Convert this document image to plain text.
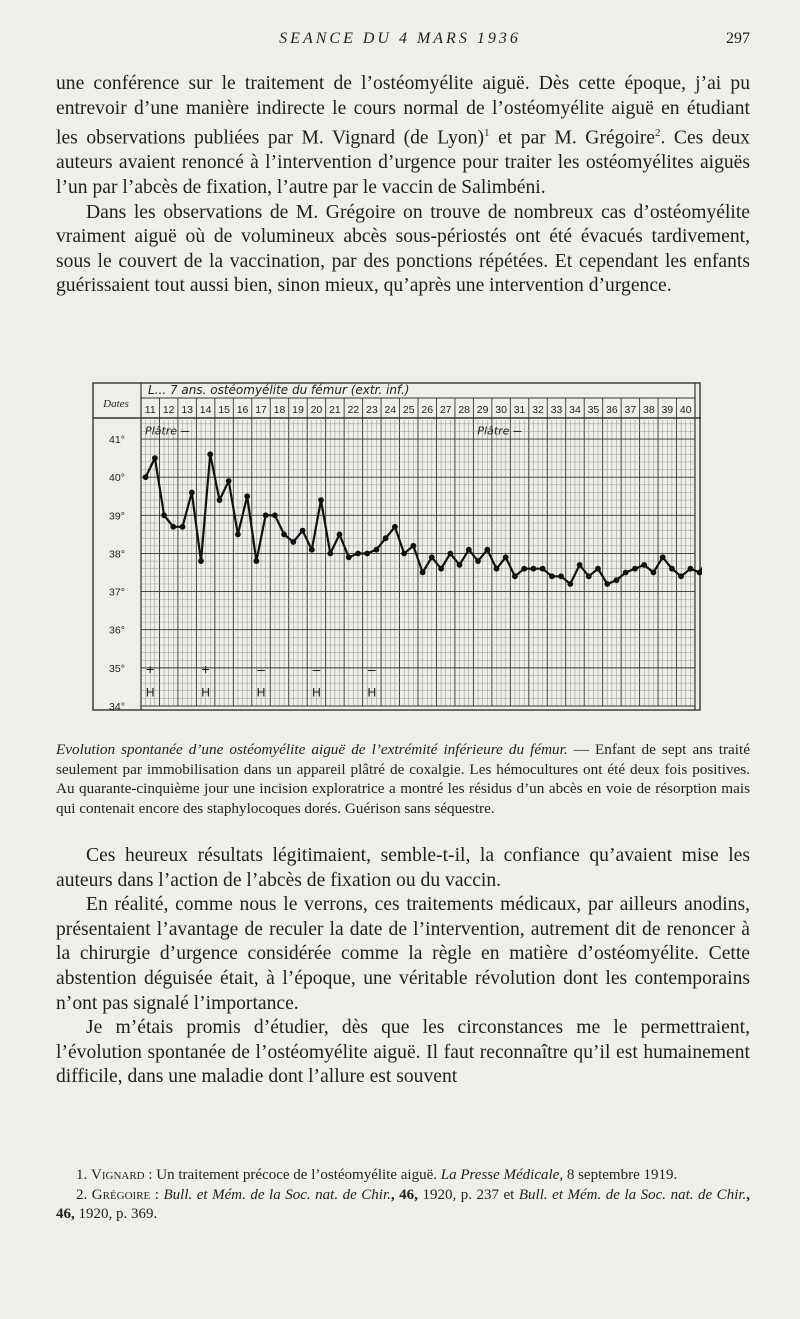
SEANCE DU 4 MARS 1936	297

une conférence sur le traitement de l’ostéomyélite aiguë. Dès cette époque, j’ai pu entrevoir d’une manière indirecte le cours normal de l’ostéomyélite aiguë en étudiant les observations publiées par M. Vignard (de Lyon)$^1$ et par M. Grégoire$^2$. Ces deux auteurs avaient renoncé à l’intervention d’urgence pour traiter les ostéomyélites aiguës l’un par l’abcès de fixation, l’autre par le vaccin de Salimbéni.

Dans les observations de M. Grégoire on trouve de nombreux cas d’ostéomyélite vraiment aiguë où de volumineux abcès sous-périostés ont été évacués tardivement, sous le couvert de la vaccination, par des ponctions répétées. Et cependant les enfants guérissaient tout aussi bien, sinon mieux, qu’après une intervention d’urgence.

Dates
L... 7 ans. ostéomyélite du fémur (extr. inf.)
11 12 13 14 15 16 17 18 19 20 21 22 23 24 25 26 27 28 29 30 31 32 33 34 35 36 37 38 39 40
41°
40°
39°
38°
37°
36°
35°
34°
Plâtre	Plâtre
+
H
+
H
–
H
–
H
–
H

Evolution spontanée d’une ostéomyélite aiguë de l’extrémité inférieure du fémur. — Enfant de sept ans traité seulement par immobilisation dans un appareil plâtré de coxalgie. Les hémocultures ont été deux fois positives. Au quarante-cinquième jour une incision exploratrice a montré les résidus d’un abcès en voie de résorption mais qui contenait encore des staphylocoques dorés. Guérison sans séquestre.

Ces heureux résultats légitimaient, semble-t-il, la confiance qu’avaient mise les auteurs dans l’action de l’abcès de fixation ou du vaccin.

En réalité, comme nous le verrons, ces traitements médicaux, par ailleurs anodins, présentaient l’avantage de reculer la date de l’intervention, autrement dit de renoncer à la chirurgie d’urgence considérée comme la règle en matière d’ostéomyélite. Cette abstention déguisée était, à l’époque, une véritable révolution dont les contemporains n’ont pas signalé l’importance.

Je m’étais promis d’étudier, dès que les circonstances me le permettraient, l’évolution spontanée de l’ostéomyélite aiguë. Il faut reconnaître qu’il est humainement difficile, dans une maladie dont l’allure est souvent

1. Vignard : Un traitement précoce de l’ostéomyélite aiguë. La Presse Médicale, 8 septembre 1919.

2. Grégoire : Bull. et Mém. de la Soc. nat. de Chir., 46, 1920, p. 237 et Bull. et Mém. de la Soc. nat. de Chir., 46, 1920, p. 369.
